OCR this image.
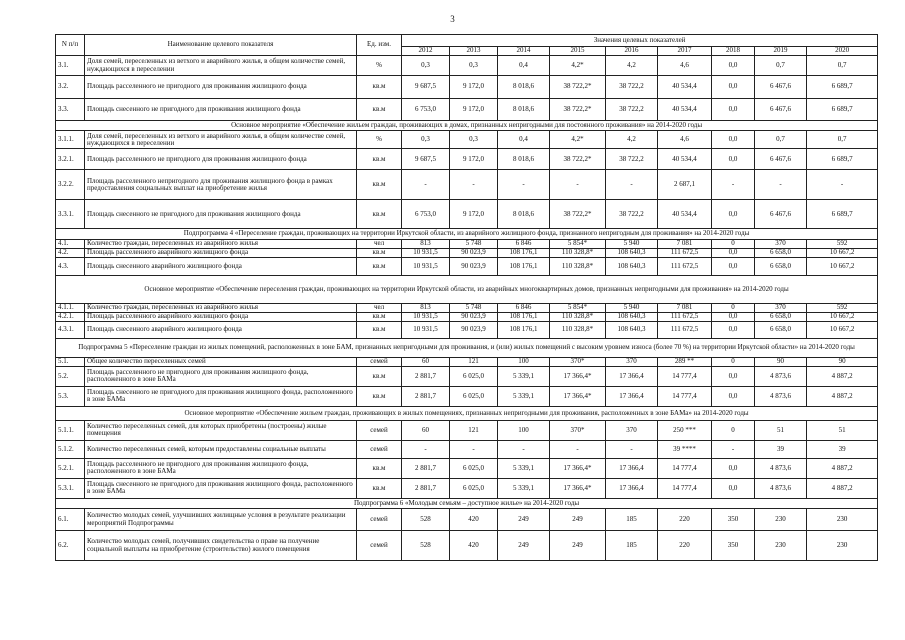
3
N п/п	Наименование целевого показателя	Ед. изм.	Значения целевых показателей								
			2012	2013	2014	2015	2016	2017	2018	2019	2020
3.1.	Доля семей, переселенных из ветхого и аварийного жилья, в общем количестве семей, нуждающихся в переселении	%	0,3	0,3	0,4	4,2*	4,2	4,6	0,0	0,7	0,7
3.2.	Площадь расселенного не пригодного для проживания жилищного фонда	кв.м	9 687,5	9 172,0	8 018,6	38 722,2*	38 722,2	40 534,4	0,0	6 467,6	6 689,7
3.3.	Площадь снесенного не пригодного для проживания жилищного фонда	кв.м	6 753,0	9 172,0	8 018,6	38 722,2*	38 722,2	40 534,4	0,0	6 467,6	6 689,7
Основное мероприятие «Обеспечение жильем граждан, проживающих в домах, признанных непригодными для постоянного проживания» на 2014-2020 годы											
3.1.1.	Доля семей, переселенных из ветхого и аварийного жилья, в общем количестве семей, нуждающихся в переселении	%	0,3	0,3	0,4	4,2*	4,2	4,6	0,0	0,7	0,7
3.2.1.	Площадь расселенного не пригодного для проживания жилищного фонда	кв.м	9 687,5	9 172,0	8 018,6	38 722,2*	38 722,2	40 534,4	0,0	6 467,6	6 689,7
3.2.2.	Площадь расселенного непригодного для проживания жилищного фонда в рамках предоставления социальных выплат на приобретение жилья	кв.м	-	-	-	-	-	2 687,1	-	-	-
3.3.1.	Площадь снесенного не пригодного для проживания жилищного фонда	кв.м	6 753,0	9 172,0	8 018,6	38 722,2*	38 722,2	40 534,4	0,0	6 467,6	6 689,7
Подпрограмма 4 «Переселение граждан, проживающих на территории Иркутской области, из аварийного жилищного фонда, признанного непригодным для проживания» на 2014-2020 годы											
4.1.	Количество граждан, переселенных из аварийного жилья	чел	813	5 748	6 846	5 854*	5 940	7 081	0	370	592
4.2.	Площадь расселенного аварийного жилищного фонда	кв.м	10 931,5	90 023,9	108 176,1	110 328,8*	108 640,3	111 672,5	0,0	6 658,0	10 667,2
4.3.	Площадь снесенного аварийного жилищного фонда	кв.м	10 931,5	90 023,9	108 176,1	110 328,8*	108 640,3	111 672,5	0,0	6 658,0	10 667,2
Основное мероприятие «Обеспечение переселения граждан, проживающих на территории Иркутской области, из аварийных многоквартирных домов, признанных непригодными для проживания» на 2014-2020 годы											
4.1.1.	Количество граждан, переселенных из аварийного жилья	чел	813	5 748	6 846	5 854*	5 940	7 081	0	370	592
4.2.1.	Площадь расселенного аварийного жилищного фонда	кв.м	10 931,5	90 023,9	108 176,1	110 328,8*	108 640,3	111 672,5	0,0	6 658,0	10 667,2
4.3.1.	Площадь снесенного аварийного жилищного фонда	кв.м	10 931,5	90 023,9	108 176,1	110 328,8*	108 640,3	111 672,5	0,0	6 658,0	10 667,2
Подпрограмма 5 «Переселение граждан из жилых помещений, расположенных в зоне БАМ, признанных непригодными для проживания, и (или) жилых помещений с высоким уровнем износа (более 70 %) на территории Иркутской области» на 2014-2020 годы											
5.1.	Общее количество переселенных семей	семей	60	121	100	370*	370	289 **	0	90	90
5.2.	Площадь расселенного не пригодного для проживания жилищного фонда, расположенного в зоне БАМа	кв.м	2 881,7	6 025,0	5 339,1	17 366,4*	17 366,4	14 777,4	0,0	4 873,6	4 887,2
5.3.	Площадь снесенного не пригодного для проживания жилищного фонда, расположенного в зоне БАМа	кв.м	2 881,7	6 025,0	5 339,1	17 366,4*	17 366,4	14 777,4	0,0	4 873,6	4 887,2
Основное мероприятие «Обеспечение жильем граждан, проживающих в жилых помещениях, признанных непригодными для проживания, расположенных в зоне БАМа» на 2014-2020 годы											
5.1.1.	Количество переселенных семей, для которых приобретены (построены) жилые помещения	семей	60	121	100	370*	370	250 ***	0	51	51
5.1.2.	Количество переселенных семей, которым предоставлены социальные выплаты	семей	-	-	-	-	-	39 ****	-	39	39
5.2.1.	Площадь расселенного не пригодного для проживания жилищного фонда, расположенного в зоне БАМа	кв.м	2 881,7	6 025,0	5 339,1	17 366,4*	17 366,4	14 777,4	0,0	4 873,6	4 887,2
5.3.1.	Площадь снесенного не пригодного для проживания жилищного фонда, расположенного в зоне БАМа	кв.м	2 881,7	6 025,0	5 339,1	17 366,4*	17 366,4	14 777,4	0,0	4 873,6	4 887,2
Подпрограмма 6 «Молодым семьям – доступное жилье» на 2014-2020 годы											
6.1.	Количество молодых семей, улучшивших жилищные условия в результате реализации мероприятий Подпрограммы	семей	528	420	249	249	185	220	350	230	230
6.2.	Количество молодых семей, получивших свидетельства о праве на получение социальной выплаты на приобретение (строительство) жилого помещения	семей	528	420	249	249	185	220	350	230	230
